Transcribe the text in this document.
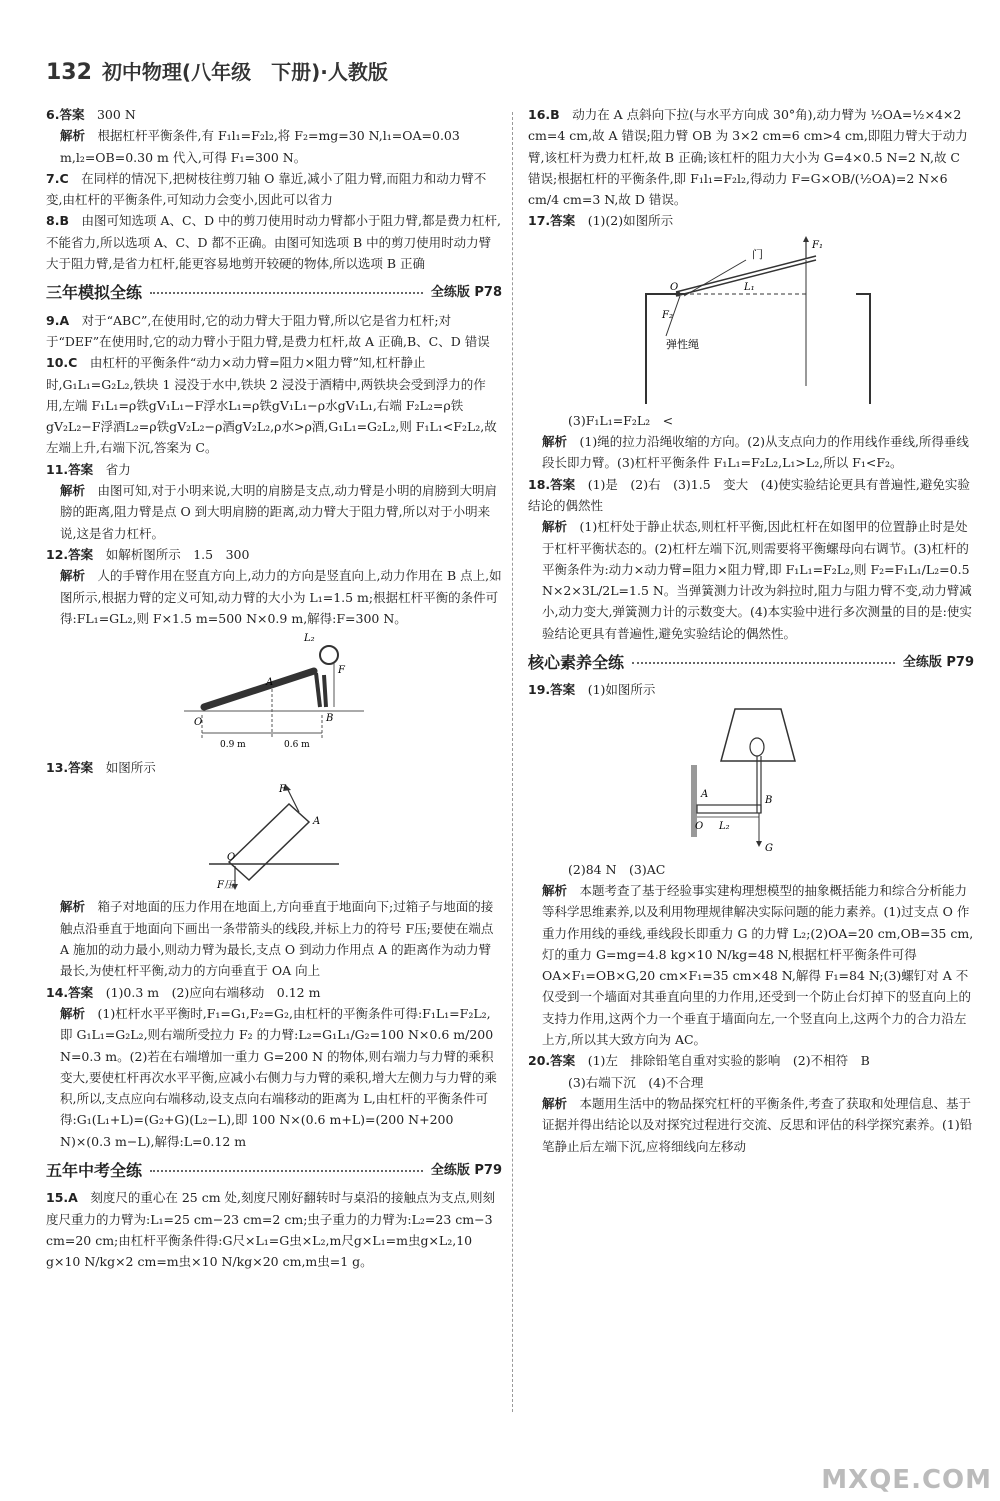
132 初中物理(八年级　下册)·人教版

6.答案　 300 N

解析　 根据杠杆平衡条件,有 F₁l₁=F₂l₂,将 F₂=mg=30 N,l₁=OA=0.03 m,l₂=OB=0.30 m 代入,可得 F₁=300 N。

7.C　 在同样的情况下,把树枝往剪刀轴 O 靠近,减小了阻力臂,而阻力和动力臂不变,由杠杆的平衡条件,可知动力会变小,因此可以省力

8.B　 由图可知选项 A、C、D 中的剪刀使用时动力臂都小于阻力臂,都是费力杠杆,不能省力,所以选项 A、C、D 都不正确。由图可知选项 B 中的剪刀使用时动力臂大于阻力臂,是省力杠杆,能更容易地剪开较硬的物体,所以选项 B 正确

三年模拟全练	全练版 P78

9.A　 对于“ABC”,在使用时,它的动力臂大于阻力臂,所以它是省力杠杆;对于“DEF”在使用时,它的动力臂小于阻力臂,是费力杠杆,故 A 正确,B、C、D 错误

10.C　 由杠杆的平衡条件“动力×动力臂=阻力×阻力臂”知,杠杆静止时,G₁L₁=G₂L₂,铁块 1 浸没于水中,铁块 2 浸没于酒精中,两铁块会受到浮力的作用,左端 F₁L₁=ρ铁gV₁L₁−F浮水L₁=ρ铁gV₁L₁−ρ水gV₁L₁,右端 F₂L₂=ρ铁gV₂L₂−F浮酒L₂=ρ铁gV₂L₂−ρ酒gV₂L₂,ρ水>ρ酒,G₁L₁=G₂L₂,则 F₁L₁<F₂L₂,故左端上升,右端下沉,答案为 C。

11.答案　 省力

解析　 由图可知,对于小明来说,大明的肩膀是支点,动力臂是小明的肩膀到大明肩膀的距离,阻力臂是点 O 到大明肩膀的距离,动力臂大于阻力臂,所以对于小明来说,这是省力杠杆。

12.答案　 如解析图所示　1.5　300

解析　 人的手臂作用在竖直方向上,动力的方向是竖直向上,动力作用在 B 点上,如图所示,根据力臂的定义可知,动力臂的大小为 L₁=1.5 m;根据杠杆平衡的条件可得:FL₁=GL₂,则 F×1.5 m=500 N×0.9 m,解得:F=300 N。

O
A
B
F
L₂
0.9 m	0.6 m

13.答案　 如图所示

F
A
O
F压

解析　 箱子对地面的压力作用在地面上,方向垂直于地面向下;过箱子与地面的接触点沿垂直于地面向下画出一条带箭头的线段,并标上力的符号 F压;要使在端点 A 施加的动力最小,则动力臂为最长,支点 O 到动力作用点 A 的距离作为动力臂最长,为使杠杆平衡,动力的方向垂直于 OA 向上

14.答案　 (1)0.3 m　(2)应向右端移动　0.12 m

解析　 (1)杠杆水平平衡时,F₁=G₁,F₂=G₂,由杠杆的平衡条件可得:F₁L₁=F₂L₂,即 G₁L₁=G₂L₂,则右端所受拉力 F₂ 的力臂:L₂=G₁L₁/G₂=100 N×0.6 m/200 N=0.3 m。(2)若在右端增加一重力 G=200 N 的物体,则右端力与力臂的乘积变大,要使杠杆再次水平平衡,应减小右侧力与力臂的乘积,增大左侧力与力臂的乘积,所以,支点应向右端移动,设支点向右端移动的距离为 L,由杠杆的平衡条件可得:G₁(L₁+L)=(G₂+G)(L₂−L),即 100 N×(0.6 m+L)=(200 N+200 N)×(0.3 m−L),解得:L=0.12 m

五年中考全练	全练版 P79

15.A　 刻度尺的重心在 25 cm 处,刻度尺刚好翻转时与桌沿的接触点为支点,则刻度尺重力的力臂为:L₁=25 cm−23 cm=2 cm;虫子重力的力臂为:L₂=23 cm−3 cm=20 cm;由杠杆平衡条件得:G尺×L₁=G虫×L₂,m尺g×L₁=m虫g×L₂,10 g×10 N/kg×2 cm=m虫×10 N/kg×20 cm,m虫=1 g。

16.B　 动力在 A 点斜向下拉(与水平方向成 30°角),动力臂为 ½OA=½×4×2 cm=4 cm,故 A 错误;阻力臂 OB 为 3×2 cm=6 cm>4 cm,即阻力臂大于动力臂,该杠杆为费力杠杆,故 B 正确;该杠杆的阻力大小为 G=4×0.5 N=2 N,故 C 错误;根据杠杆的平衡条件,即 F₁l₁=F₂l₂,得动力 F=G×OB/(½OA)=2 N×6 cm/4 cm=3 N,故 D 错误。

17.答案　 (1)(2)如图所示

门
F₁
O	L₁
F₂
弹性绳

(3)F₁L₁=F₂L₂　<

解析　 (1)绳的拉力沿绳收缩的方向。(2)从支点向力的作用线作垂线,所得垂线段长即力臂。(3)杠杆平衡条件 F₁L₁=F₂L₂,L₁>L₂,所以 F₁<F₂。

18.答案　 (1)是　(2)右　(3)1.5　变大　(4)使实验结论更具有普遍性,避免实验结论的偶然性

解析　 (1)杠杆处于静止状态,则杠杆平衡,因此杠杆在如图甲的位置静止时是处于杠杆平衡状态的。(2)杠杆左端下沉,则需要将平衡螺母向右调节。(3)杠杆的平衡条件为:动力×动力臂=阻力×阻力臂,即 F₁L₁=F₂L₂,则 F₂=F₁L₁/L₂=0.5 N×2×3L/2L=1.5 N。当弹簧测力计改为斜拉时,阻力与阻力臂不变,动力臂减小,动力变大,弹簧测力计的示数变大。(4)本实验中进行多次测量的目的是:使实验结论更具有普遍性,避免实验结论的偶然性。

核心素养全练	全练版 P79

19.答案　 (1)如图所示

A
B
O L₂
G

(2)84 N　(3)AC

解析　 本题考查了基于经验事实建构理想模型的抽象概括能力和综合分析能力等科学思维素养,以及利用物理规律解决实际问题的能力素养。(1)过支点 O 作重力作用线的垂线,垂线段长即重力 G 的力臂 L₂;(2)OA=20 cm,OB=35 cm,灯的重力 G=mg=4.8 kg×10 N/kg=48 N,根据杠杆平衡条件可得 OA×F₁=OB×G,20 cm×F₁=35 cm×48 N,解得 F₁=84 N;(3)螺钉对 A 不仅受到一个墙面对其垂直向里的力作用,还受到一个防止台灯掉下的竖直向上的支持力作用,这两个力一个垂直于墙面向左,一个竖直向上,这两个力的合力沿左上方,所以其大致方向为 AC。

20.答案　 (1)左　排除铅笔自重对实验的影响　(2)不相符　B

(3)右端下沉　(4)不合理

解析　 本题用生活中的物品探究杠杆的平衡条件,考查了获取和处理信息、基于证据并得出结论以及对探究过程进行交流、反思和评估的科学探究素养。(1)铅笔静止后左端下沉,应将细线向左移动

MXQE.COM
